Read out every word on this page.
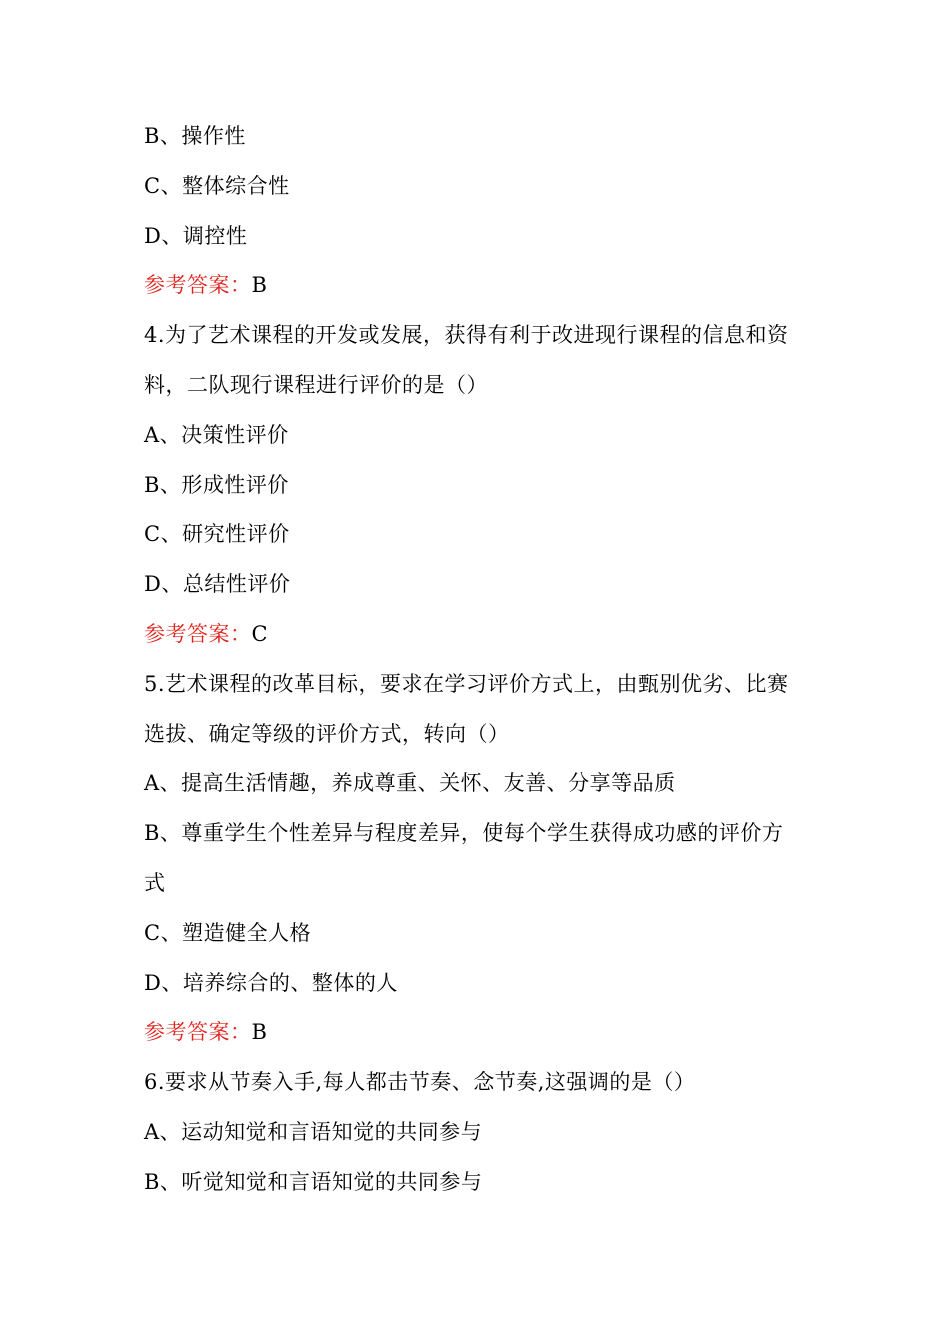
B、操作性
C、整体综合性
D、调控性
参考答案：B
4.为了艺术课程的开发或发展，获得有利于改进现行课程的信息和资
料，二队现行课程进行评价的是（）
A、决策性评价
B、形成性评价
C、研究性评价
D、总结性评价
参考答案：C
5.艺术课程的改革目标，要求在学习评价方式上，由甄别优劣、比赛
选拔、确定等级的评价方式，转向（）
A、提高生活情趣，养成尊重、关怀、友善、分享等品质
B、尊重学生个性差异与程度差异，使每个学生获得成功感的评价方
式
C、塑造健全人格
D、培养综合的、整体的人
参考答案：B
6.要求从节奏入手,每人都击节奏、念节奏,这强调的是（）
A、运动知觉和言语知觉的共同参与
B、听觉知觉和言语知觉的共同参与
